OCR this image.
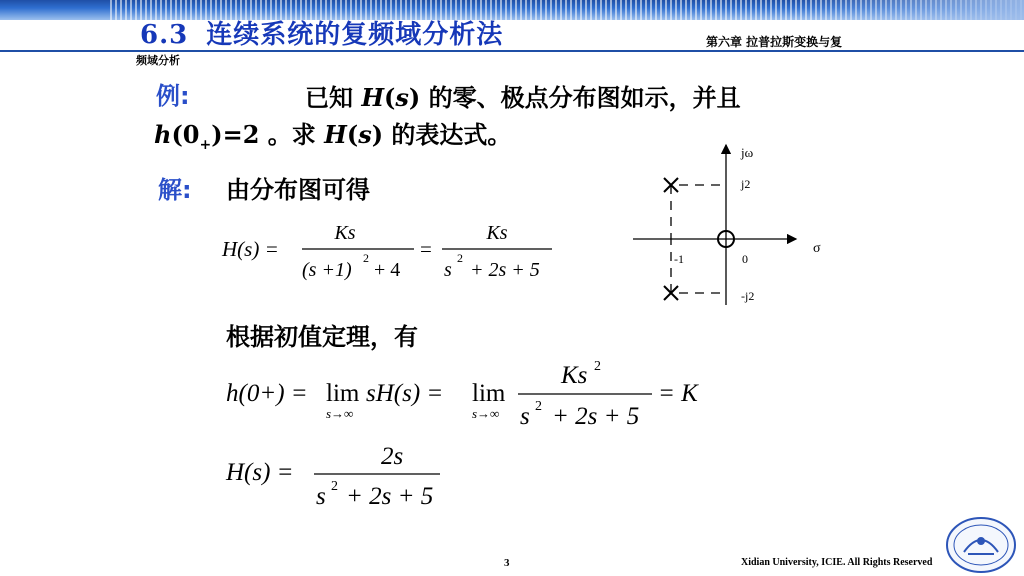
6.3 连续系统的复频域分析法	第六章 拉普拉斯变换与复
频域分析
例:	已知 H(s) 的零、极点分布图如示，并且
$h(0_+)=2$ 。求 H(s) 的表达式。
解: 由分布图可得
H(s) =
Ks
(s +1)
2
+ 4
=
Ks
s
2
+ 2s + 5
根据初值定理，有
h(0+) = lim
s→∞
sH(s) = lim
s→∞
Ks 2
s 2 + 2s + 5
= K
H(s) =
2s
s 2 + 2s + 5
jω
σ
j2
-j2
-1	0
3	Xidian University, ICIE. All Rights Reserved
